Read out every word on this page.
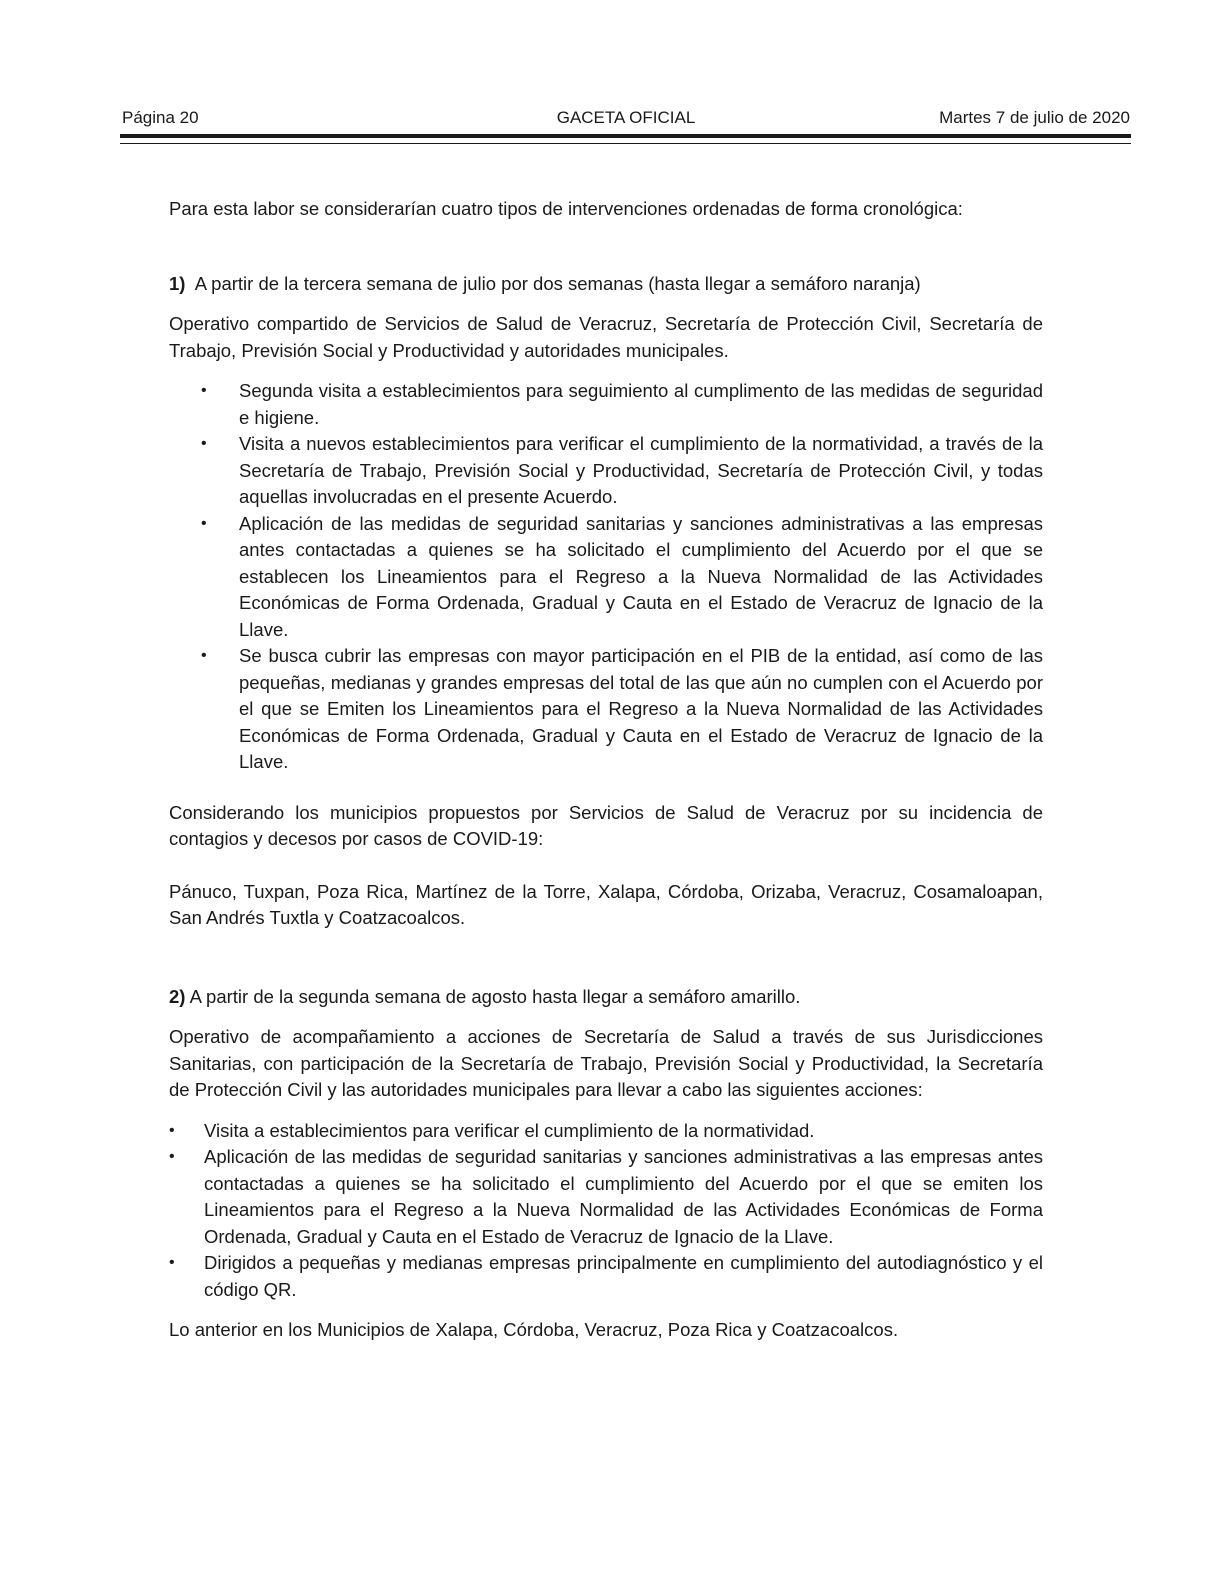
Página 20	GACETA OFICIAL	Martes 7 de julio de 2020

Para esta labor se considerarían cuatro tipos de intervenciones ordenadas de forma cronológica:

1) A partir de la tercera semana de julio por dos semanas (hasta llegar a semáforo naranja)

Operativo compartido de Servicios de Salud de Veracruz, Secretaría de Protección Civil, Secretaría de Trabajo, Previsión Social y Productividad y autoridades municipales.

• Segunda visita a establecimientos para seguimiento al cumplimento de las medidas de seguridad e higiene.
• Visita a nuevos establecimientos para verificar el cumplimiento de la normatividad, a través de la Secretaría de Trabajo, Previsión Social y Productividad, Secretaría de Protección Civil, y todas aquellas involucradas en el presente Acuerdo.
• Aplicación de las medidas de seguridad sanitarias y sanciones administrativas a las empresas antes contactadas a quienes se ha solicitado el cumplimiento del Acuerdo por el que se establecen los Lineamientos para el Regreso a la Nueva Normalidad de las Actividades Económicas de Forma Ordenada, Gradual y Cauta en el Estado de Veracruz de Ignacio de la Llave.
• Se busca cubrir las empresas con mayor participación en el PIB de la entidad, así como de las pequeñas, medianas y grandes empresas del total de las que aún no cumplen con el Acuerdo por el que se Emiten los Lineamientos para el Regreso a la Nueva Normalidad de las Actividades Económicas de Forma Ordenada, Gradual y Cauta en el Estado de Veracruz de Ignacio de la Llave.

Considerando los municipios propuestos por Servicios de Salud de Veracruz por su incidencia de contagios y decesos por casos de COVID-19:

Pánuco, Tuxpan, Poza Rica, Martínez de la Torre, Xalapa, Córdoba, Orizaba, Veracruz, Cosamaloapan, San Andrés Tuxtla y Coatzacoalcos.

2) A partir de la segunda semana de agosto hasta llegar a semáforo amarillo.

Operativo de acompañamiento a acciones de Secretaría de Salud a través de sus Jurisdicciones Sanitarias, con participación de la Secretaría de Trabajo, Previsión Social y Productividad, la Secretaría de Protección Civil y las autoridades municipales para llevar a cabo las siguientes acciones:

• Visita a establecimientos para verificar el cumplimiento de la normatividad.
• Aplicación de las medidas de seguridad sanitarias y sanciones administrativas a las empresas antes contactadas a quienes se ha solicitado el cumplimiento del Acuerdo por el que se emiten los Lineamientos para el Regreso a la Nueva Normalidad de las Actividades Económicas de Forma Ordenada, Gradual y Cauta en el Estado de Veracruz de Ignacio de la Llave.
• Dirigidos a pequeñas y medianas empresas principalmente en cumplimiento del autodiagnóstico y el código QR.

Lo anterior en los Municipios de Xalapa, Córdoba, Veracruz, Poza Rica y Coatzacoalcos.
